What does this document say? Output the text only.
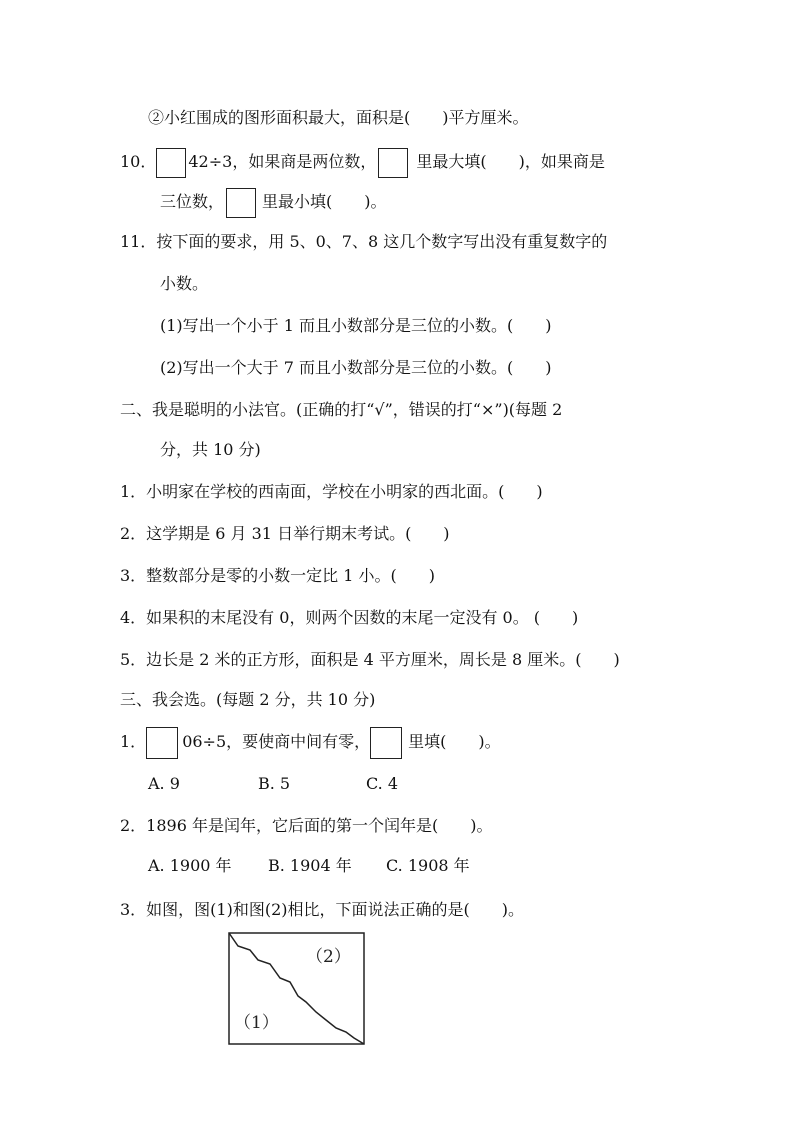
②小红围成的图形面积最大，面积是(　　)平方厘米。
10． 42÷3，如果商是两位数，	里最大填(　　)，如果商是
三位数， 里最小填(　　)。
11．按下面的要求，用 5、0、7、8 这几个数字写出没有重复数字的
小数。
(1)写出一个小于 1 而且小数部分是三位的小数。(　　)
(2)写出一个大于 7 而且小数部分是三位的小数。(　　)
二、我是聪明的小法官。(正确的打“√”，错误的打“×”)(每题 2
分，共 10 分)
1．小明家在学校的西南面，学校在小明家的西北面。(　　)
2．这学期是 6 月 31 日举行期末考试。(　　)
3．整数部分是零的小数一定比 1 小。(　　)
4．如果积的末尾没有 0，则两个因数的末尾一定没有 0。 (　　)
5．边长是 2 米的正方形，面积是 4 平方厘米，周长是 8 厘米。(　　)
三、我会选。(每题 2 分，共 10 分)
1． 06÷5，要使商中间有零， 里填(　　)。
A. 9	B. 5	C. 4
2．1896 年是闰年，它后面的第一个闰年是(　　)。
A. 1900 年 B. 1904 年 C. 1908 年
3．如图，图(1)和图(2)相比，下面说法正确的是(　　)。
（1）
（2）
